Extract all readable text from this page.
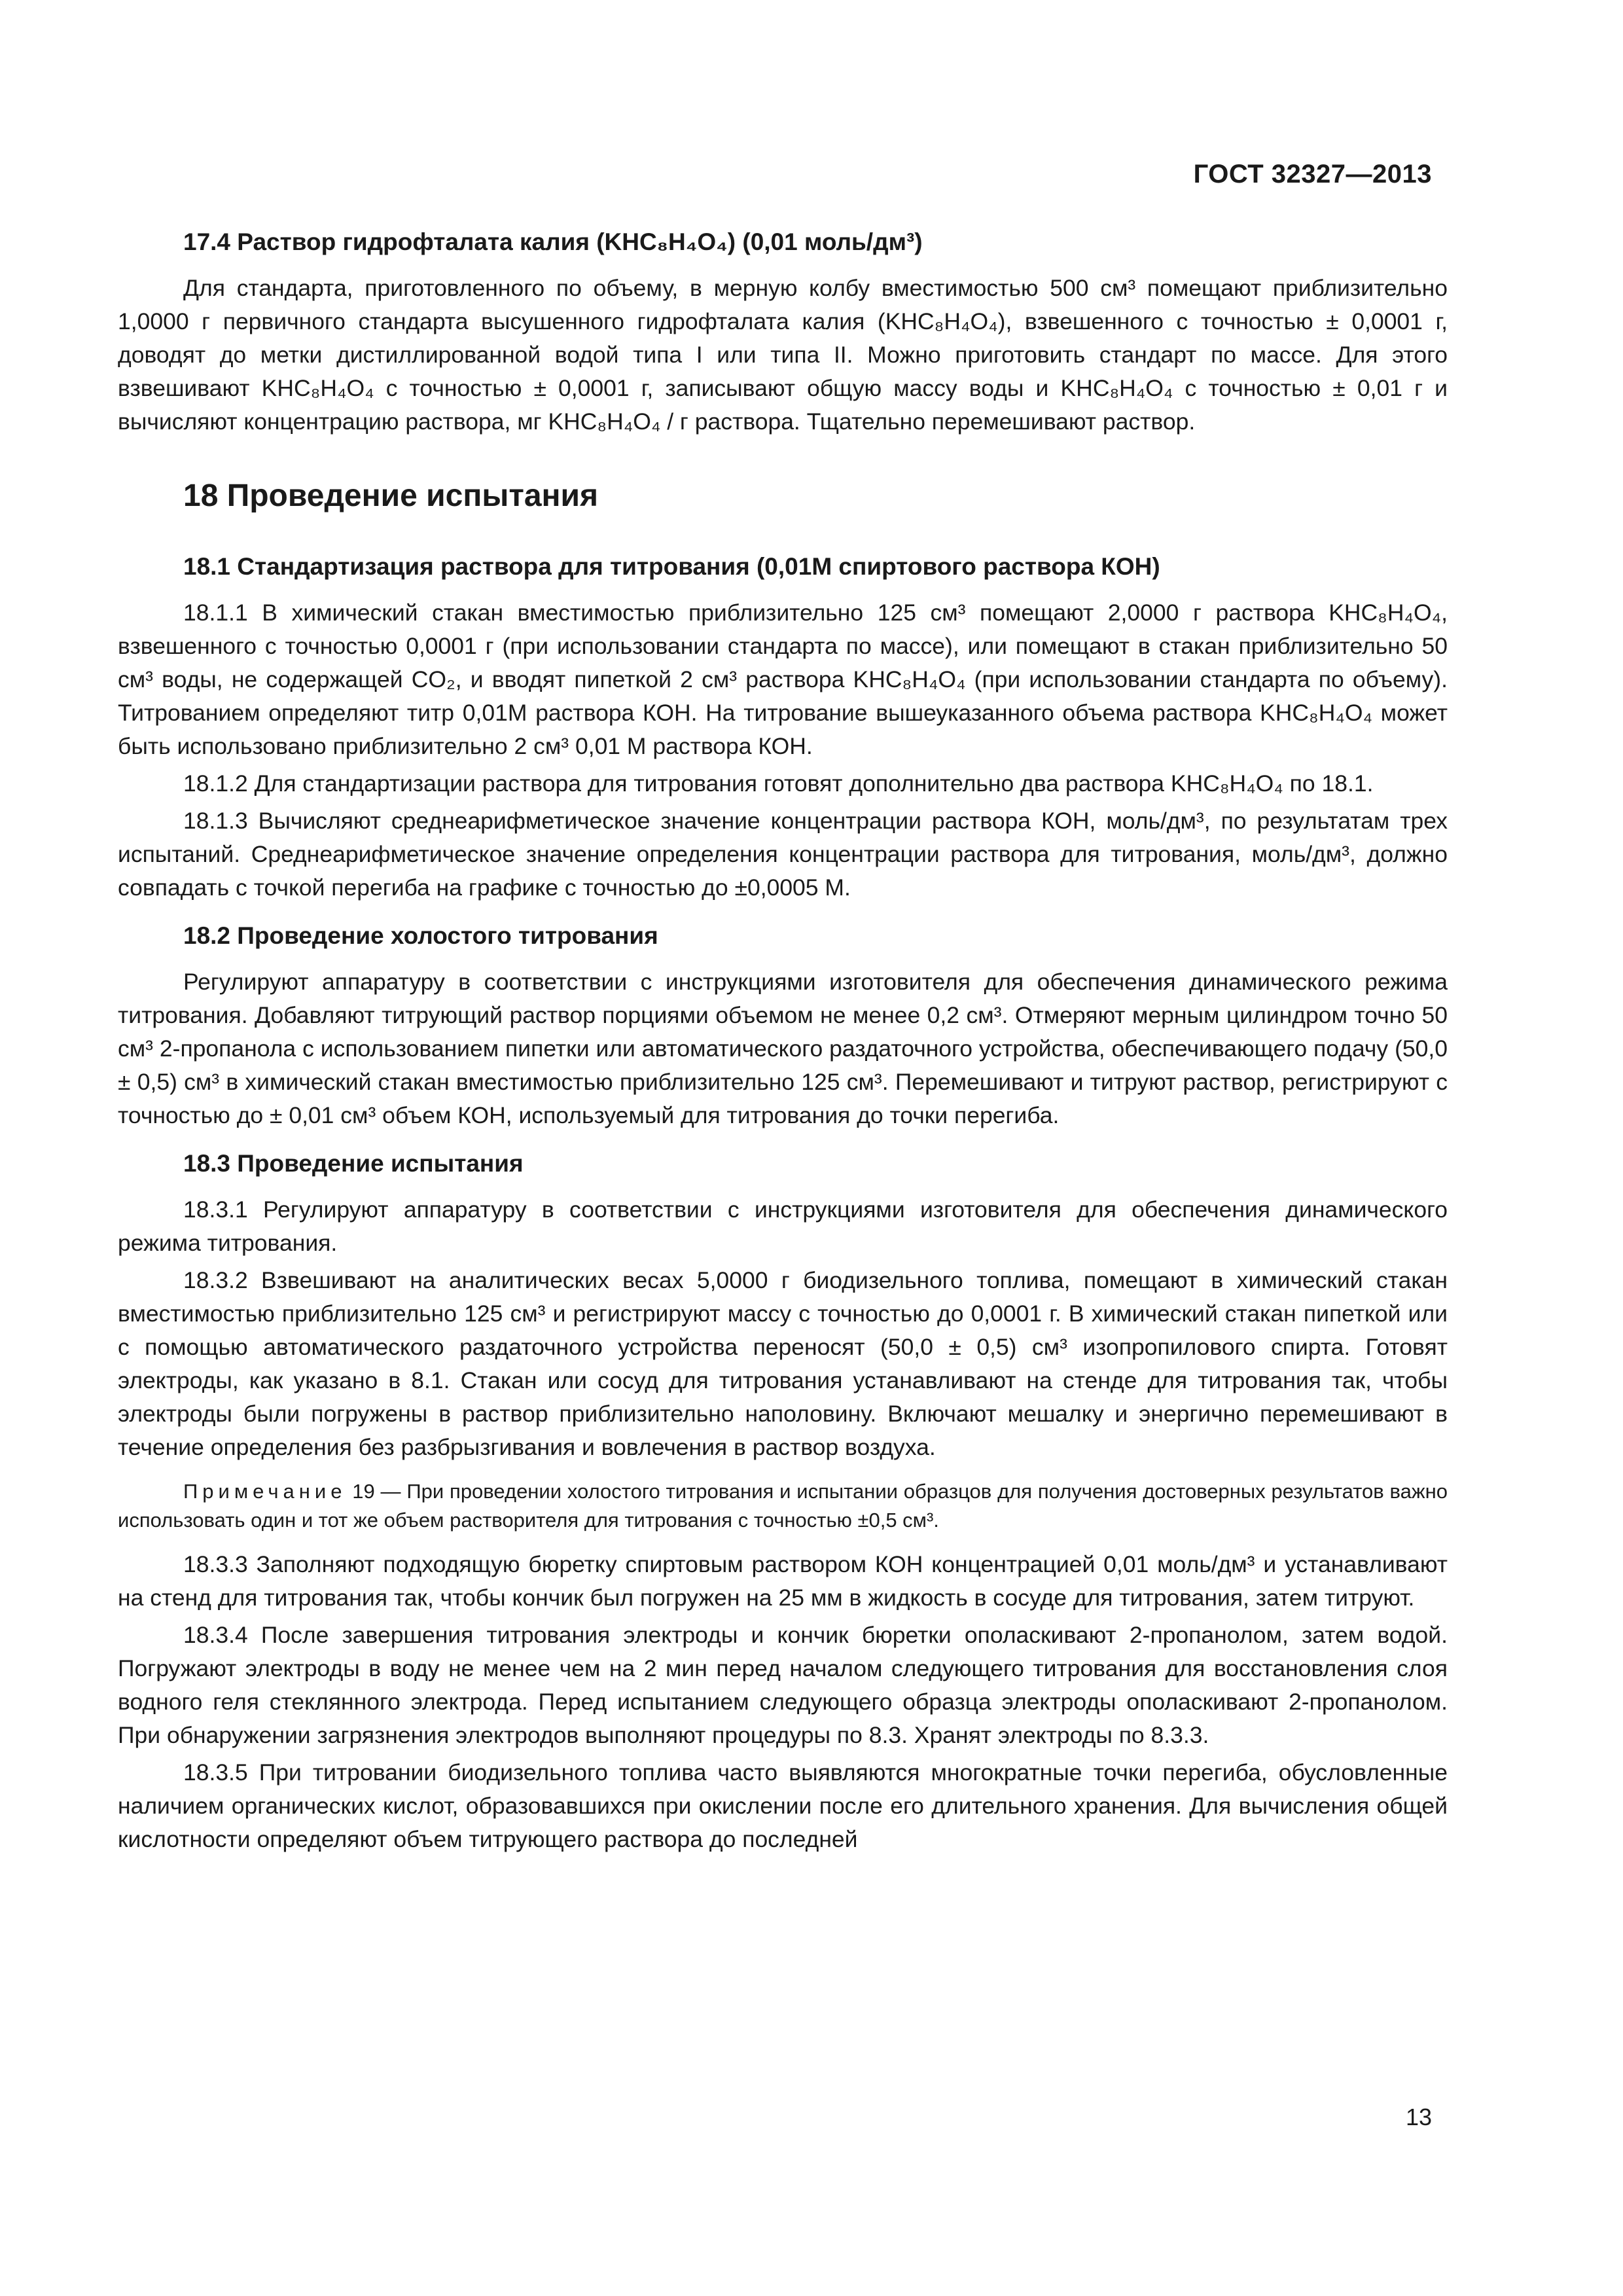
ГОСТ 32327—2013
17.4 Раствор гидрофталата калия (KHC₈H₄O₄) (0,01 моль/дм³)

Для стандарта, приготовленного по объему, в мерную колбу вместимостью 500 см³ помещают приблизительно 1,0000 г первичного стандарта высушенного гидрофталата калия (KHC₈H₄O₄), взвешенного с точностью ± 0,0001 г, доводят до метки дистиллированной водой типа I или типа II. Можно приготовить стандарт по массе. Для этого взвешивают KHC₈H₄O₄ с точностью ± 0,0001 г, записывают общую массу воды и KHC₈H₄O₄ с точностью ± 0,01 г и вычисляют концентрацию раствора, мг KHC₈H₄O₄ / г раствора. Тщательно перемешивают раствор.

18 Проведение испытания
18.1 Стандартизация раствора для титрования (0,01М спиртового раствора КОН)

18.1.1 В химический стакан вместимостью приблизительно 125 см³ помещают 2,0000 г раствора KHC₈H₄O₄, взвешенного с точностью 0,0001 г (при использовании стандарта по массе), или помещают в стакан приблизительно 50 см³ воды, не содержащей CO₂, и вводят пипеткой 2 см³ раствора KHC₈H₄O₄ (при использовании стандарта по объему). Титрованием определяют титр 0,01М раствора КОН. На титрование вышеуказанного объема раствора KHC₈H₄O₄ может быть использовано приблизительно 2 см³ 0,01 М раствора КОН.

18.1.2 Для стандартизации раствора для титрования готовят дополнительно два раствора KHC₈H₄O₄ по 18.1.

18.1.3 Вычисляют среднеарифметическое значение концентрации раствора КОН, моль/дм³, по результатам трех испытаний. Среднеарифметическое значение определения концентрации раствора для титрования, моль/дм³, должно совпадать с точкой перегиба на графике с точностью до ±0,0005 М.

18.2 Проведение холостого титрования

Регулируют аппаратуру в соответствии с инструкциями изготовителя для обеспечения динамического режима титрования. Добавляют титрующий раствор порциями объемом не менее 0,2 см³. Отмеряют мерным цилиндром точно 50 см³ 2-пропанола с использованием пипетки или автоматического раздаточного устройства, обеспечивающего подачу (50,0 ± 0,5) см³ в химический стакан вместимостью приблизительно 125 см³. Перемешивают и титруют раствор, регистрируют с точностью до ± 0,01 см³ объем КОН, используемый для титрования до точки перегиба.

18.3 Проведение испытания

18.3.1 Регулируют аппаратуру в соответствии с инструкциями изготовителя для обеспечения динамического режима титрования.

18.3.2 Взвешивают на аналитических весах 5,0000 г биодизельного топлива, помещают в химический стакан вместимостью приблизительно 125 см³ и регистрируют массу с точностью до 0,0001 г. В химический стакан пипеткой или с помощью автоматического раздаточного устройства переносят (50,0 ± 0,5) см³ изопропилового спирта. Готовят электроды, как указано в 8.1. Стакан или сосуд для титрования устанавливают на стенде для титрования так, чтобы электроды были погружены в раствор приблизительно наполовину. Включают мешалку и энергично перемешивают в течение определения без разбрызгивания и вовлечения в раствор воздуха.

Примечание 19 — При проведении холостого титрования и испытании образцов для получения достоверных результатов важно использовать один и тот же объем растворителя для титрования с точностью ±0,5 см³.

18.3.3 Заполняют подходящую бюретку спиртовым раствором КОН концентрацией 0,01 моль/дм³ и устанавливают на стенд для титрования так, чтобы кончик был погружен на 25 мм в жидкость в сосуде для титрования, затем титруют.

18.3.4 После завершения титрования электроды и кончик бюретки ополаскивают 2-пропанолом, затем водой. Погружают электроды в воду не менее чем на 2 мин перед началом следующего титрования для восстановления слоя водного геля стеклянного электрода. Перед испытанием следующего образца электроды ополаскивают 2-пропанолом. При обнаружении загрязнения электродов выполняют процедуры по 8.3. Хранят электроды по 8.3.3.

18.3.5 При титровании биодизельного топлива часто выявляются многократные точки перегиба, обусловленные наличием органических кислот, образовавшихся при окислении после его длительного хранения. Для вычисления общей кислотности определяют объем титрующего раствора до последней

13
